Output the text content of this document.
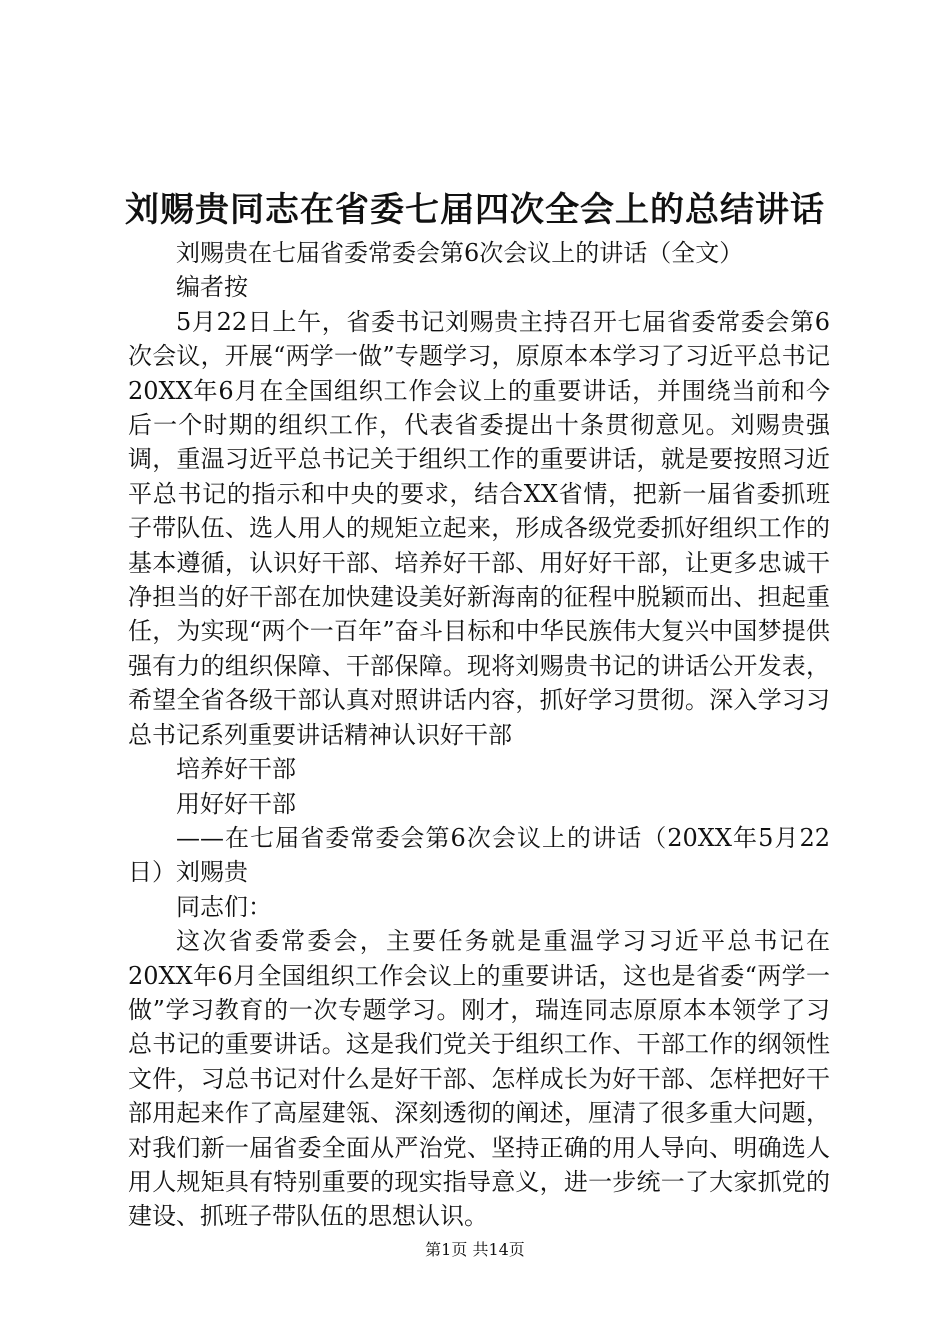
刘赐贵同志在省委七届四次全会上的总结讲话

刘赐贵在七届省委常委会第6次会议上的讲话（全文）

编者按

5月22日上午，省委书记刘赐贵主持召开七届省委常委会第6次会议，开展“两学一做”专题学习，原原本本学习了习近平总书记20XX年6月在全国组织工作会议上的重要讲话，并围绕当前和今后一个时期的组织工作，代表省委提出十条贯彻意见。刘赐贵强调，重温习近平总书记关于组织工作的重要讲话，就是要按照习近平总书记的指示和中央的要求，结合XX省情，把新一届省委抓班子带队伍、选人用人的规矩立起来，形成各级党委抓好组织工作的基本遵循，认识好干部、培养好干部、用好好干部，让更多忠诚干净担当的好干部在加快建设美好新海南的征程中脱颖而出、担起重任，为实现“两个一百年”奋斗目标和中华民族伟大复兴中国梦提供强有力的组织保障、干部保障。现将刘赐贵书记的讲话公开发表，希望全省各级干部认真对照讲话内容，抓好学习贯彻。深入学习习总书记系列重要讲话精神认识好干部

培养好干部

用好好干部

——在七届省委常委会第6次会议上的讲话（20XX年5月22日）刘赐贵

同志们：

这次省委常委会，主要任务就是重温学习习近平总书记在20XX年6月全国组织工作会议上的重要讲话，这也是省委“两学一做”学习教育的一次专题学习。刚才，瑞连同志原原本本领学了习总书记的重要讲话。这是我们党关于组织工作、干部工作的纲领性文件，习总书记对什么是好干部、怎样成长为好干部、怎样把好干部用起来作了高屋建瓴、深刻透彻的阐述，厘清了很多重大问题，对我们新一届省委全面从严治党、坚持正确的用人导向、明确选人用人规矩具有特别重要的现实指导意义，进一步统一了大家抓党的建设、抓班子带队伍的思想认识。

第1页 共14页
